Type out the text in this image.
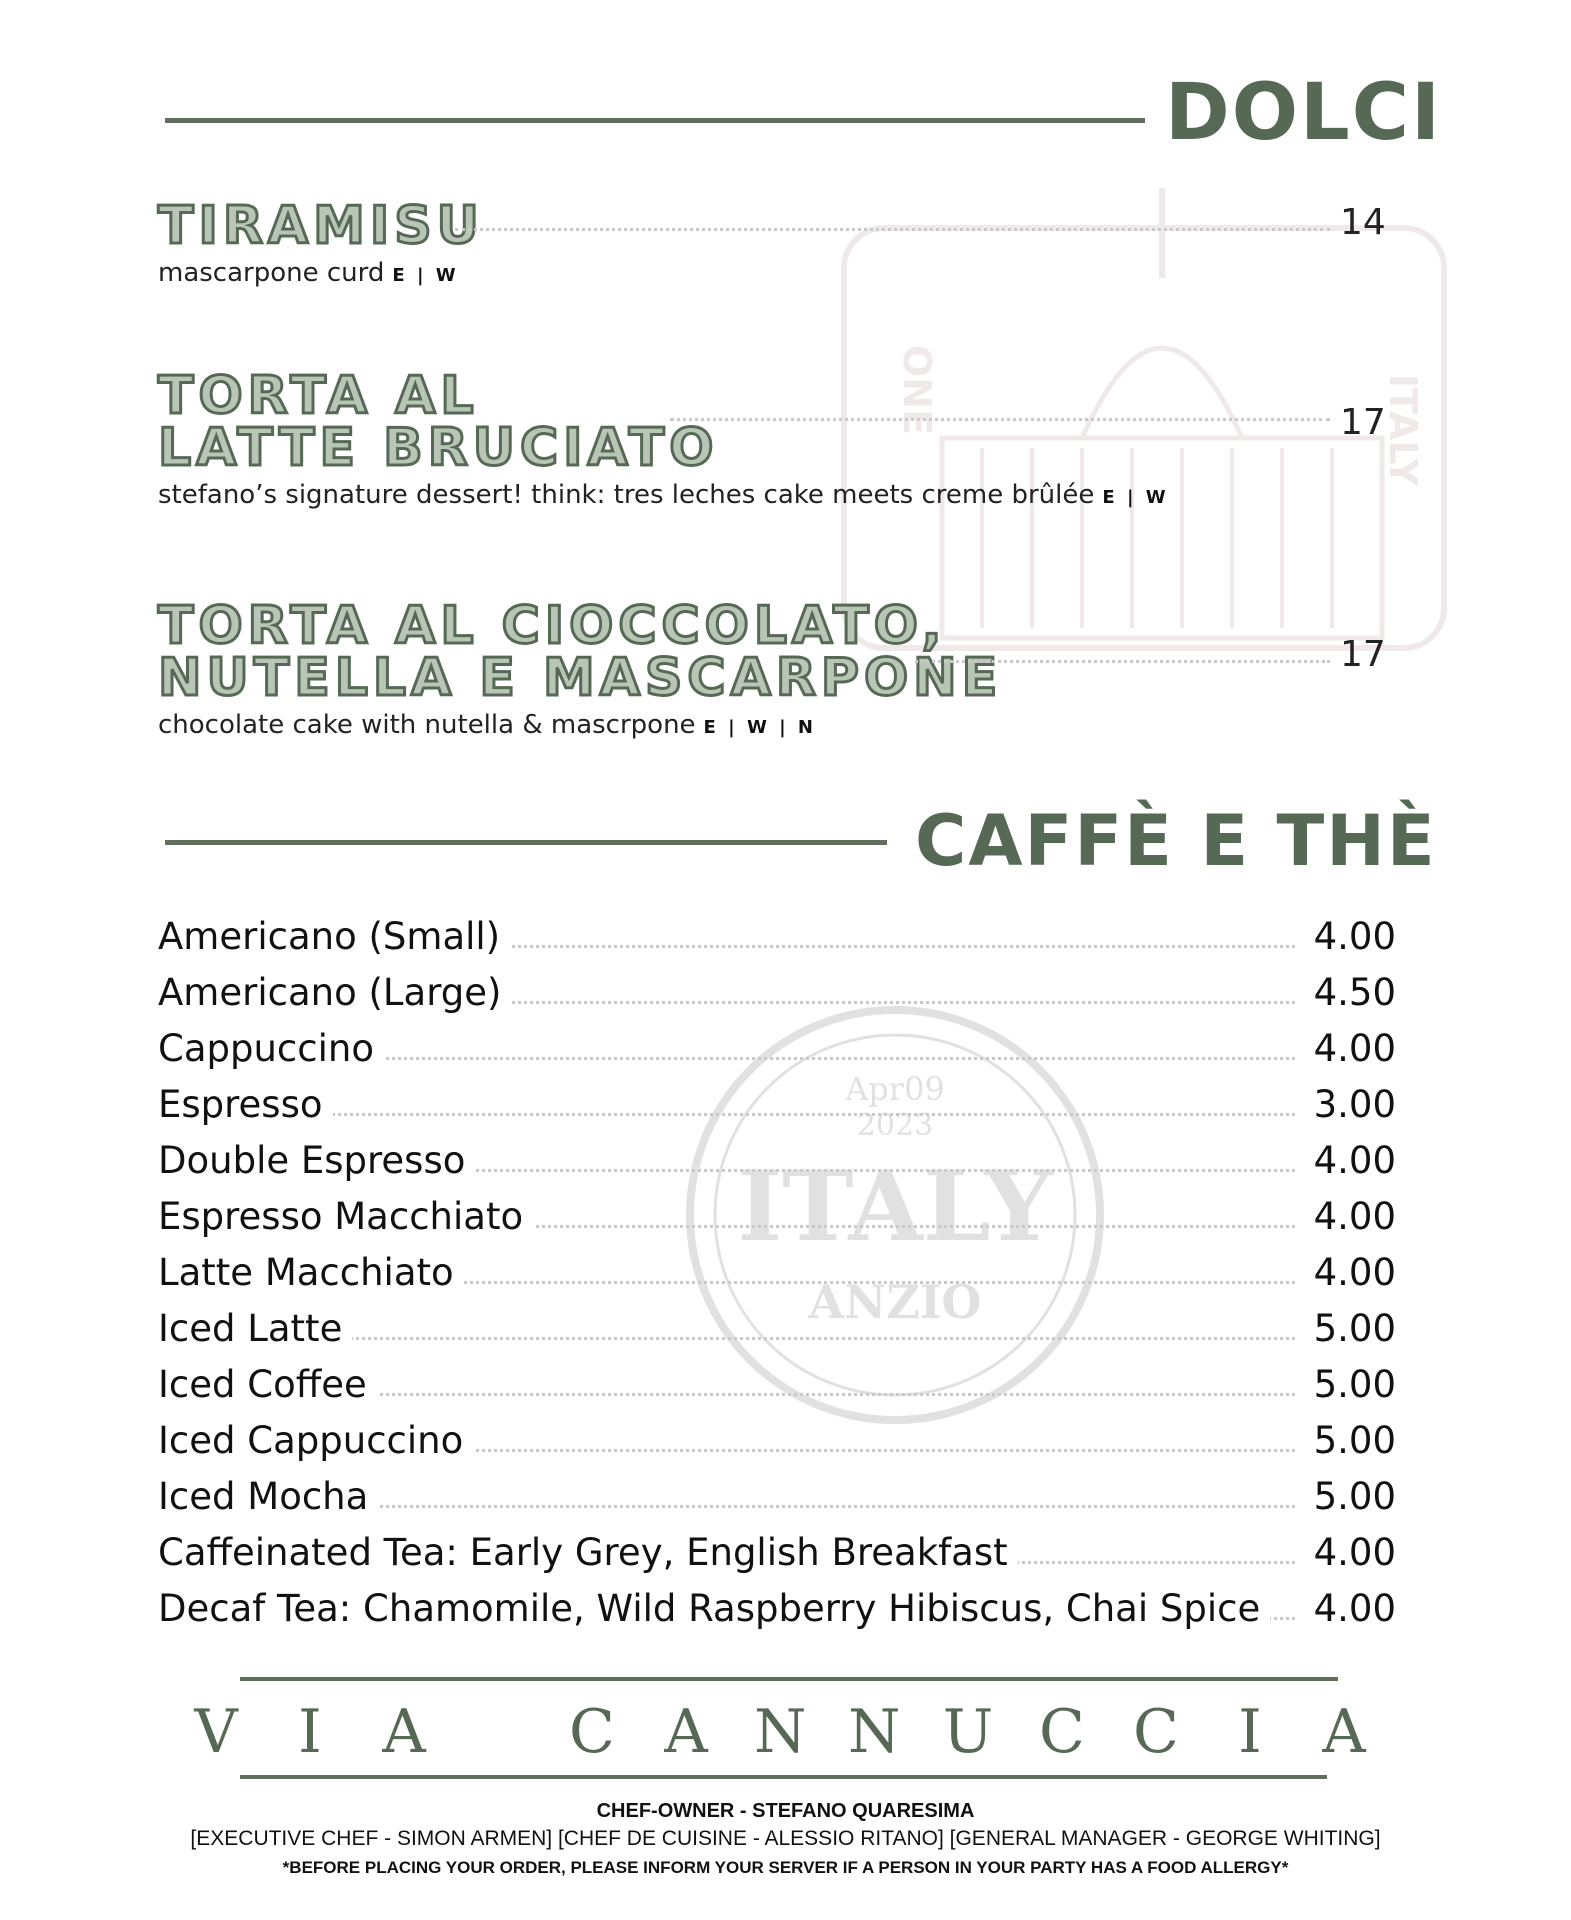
ONE	ITALY
Apr09
2023
ITALY
ANZIO
DOLCI
TIRAMISU
mascarpone curd E | W
14
TORTA AL
LATTE BRUCIATO
stefano’s signature dessert! think: tres leches cake meets creme brûlée E | W
17
TORTA AL CIOCCOLATO,
NUTELLA E MASCARPONE
chocolate cake with nutella & mascrpone E | W | N
17
CAFFÈ E THÈ
Americano (Small)	4.00
Americano (Large)	4.50
Cappuccino	4.00
Espresso	3.00
Double Espresso	4.00
Espresso Macchiato	4.00
Latte Macchiato	4.00
Iced Latte	5.00
Iced Coffee	5.00
Iced Cappuccino	5.00
Iced Mocha	5.00
Caffeinated Tea: Early Grey, English Breakfast	4.00
Decaf Tea: Chamomile, Wild Raspberry Hibiscus, Chai Spice	4.00
V I A C A N N U C C I A
CHEF-OWNER - STEFANO QUARESIMA
[EXECUTIVE CHEF - SIMON ARMEN] [CHEF DE CUISINE - ALESSIO RITANO] [GENERAL MANAGER - GEORGE WHITING]
*BEFORE PLACING YOUR ORDER, PLEASE INFORM YOUR SERVER IF A PERSON IN YOUR PARTY HAS A FOOD ALLERGY*
